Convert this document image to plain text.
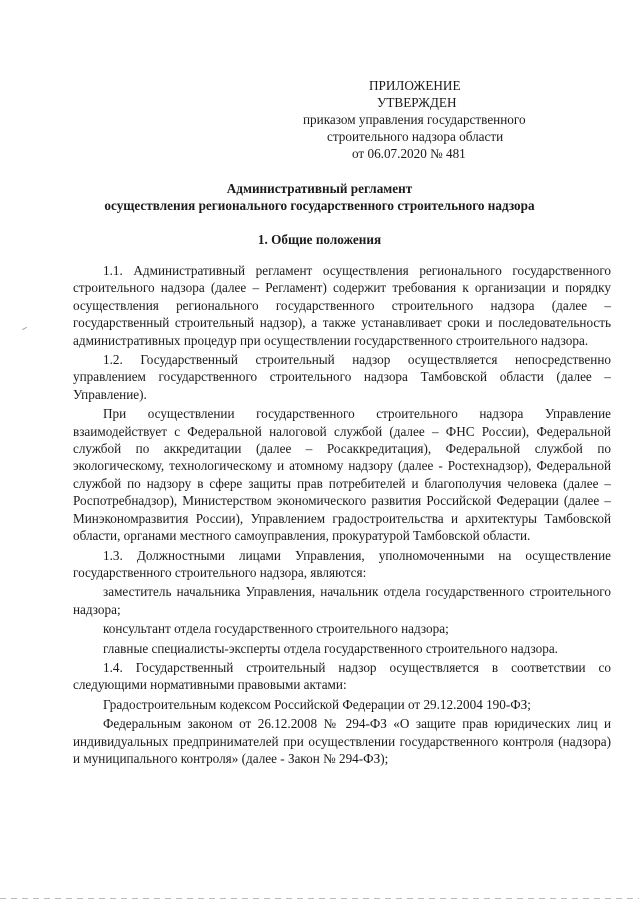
ПРИЛОЖЕНИЕ
УТВЕРЖДЕН
приказом управления государственного
строительного надзора области
от 06.07.2020 № 481
Административный регламент
осуществления регионального государственного строительного надзора
1. Общие положения

1.1. Административный регламент осуществления регионального государственного строительного надзора (далее – Регламент) содержит требования к организации и порядку осуществления регионального государственного строительного надзора (далее – государственный строительный надзор), а также устанавливает сроки и последовательность административных процедур при осуществлении государственного строительного надзора.

1.2. Государственный строительный надзор осуществляется непосредственно управлением государственного строительного надзора Тамбовской области (далее – Управление).

При осуществлении государственного строительного надзора Управление взаимодействует с Федеральной налоговой службой (далее – ФНС России), Федеральной службой по аккредитации (далее – Росаккредитация), Федеральной службой по экологическому, технологическому и атомному надзору (далее - Ростехнадзор), Федеральной службой по надзору в сфере защиты прав потребителей и благополучия человека (далее –Роспотребнадзор), Министерством экономического развития Российской Федерации (далее – Минэкономразвития России), Управлением градостроительства и архитектуры Тамбовской области, органами местного самоуправления, прокуратурой Тамбовской области.

1.3. Должностными лицами Управления, уполномоченными на осуществление государственного строительного надзора, являются:

заместитель начальника Управления, начальник отдела государственного строительного надзора;

консультант отдела государственного строительного надзора;

главные специалисты-эксперты отдела государственного строительного надзора.

1.4. Государственный строительный надзор осуществляется в соответствии со следующими нормативными правовыми актами:

Градостроительным кодексом Российской Федерации от 29.12.2004 190-ФЗ;

Федеральным законом от 26.12.2008 № 294-ФЗ «О защите прав юридических лиц и индивидуальных предпринимателей при осуществлении государственного контроля (надзора) и муниципального контроля» (далее - Закон № 294-ФЗ);
